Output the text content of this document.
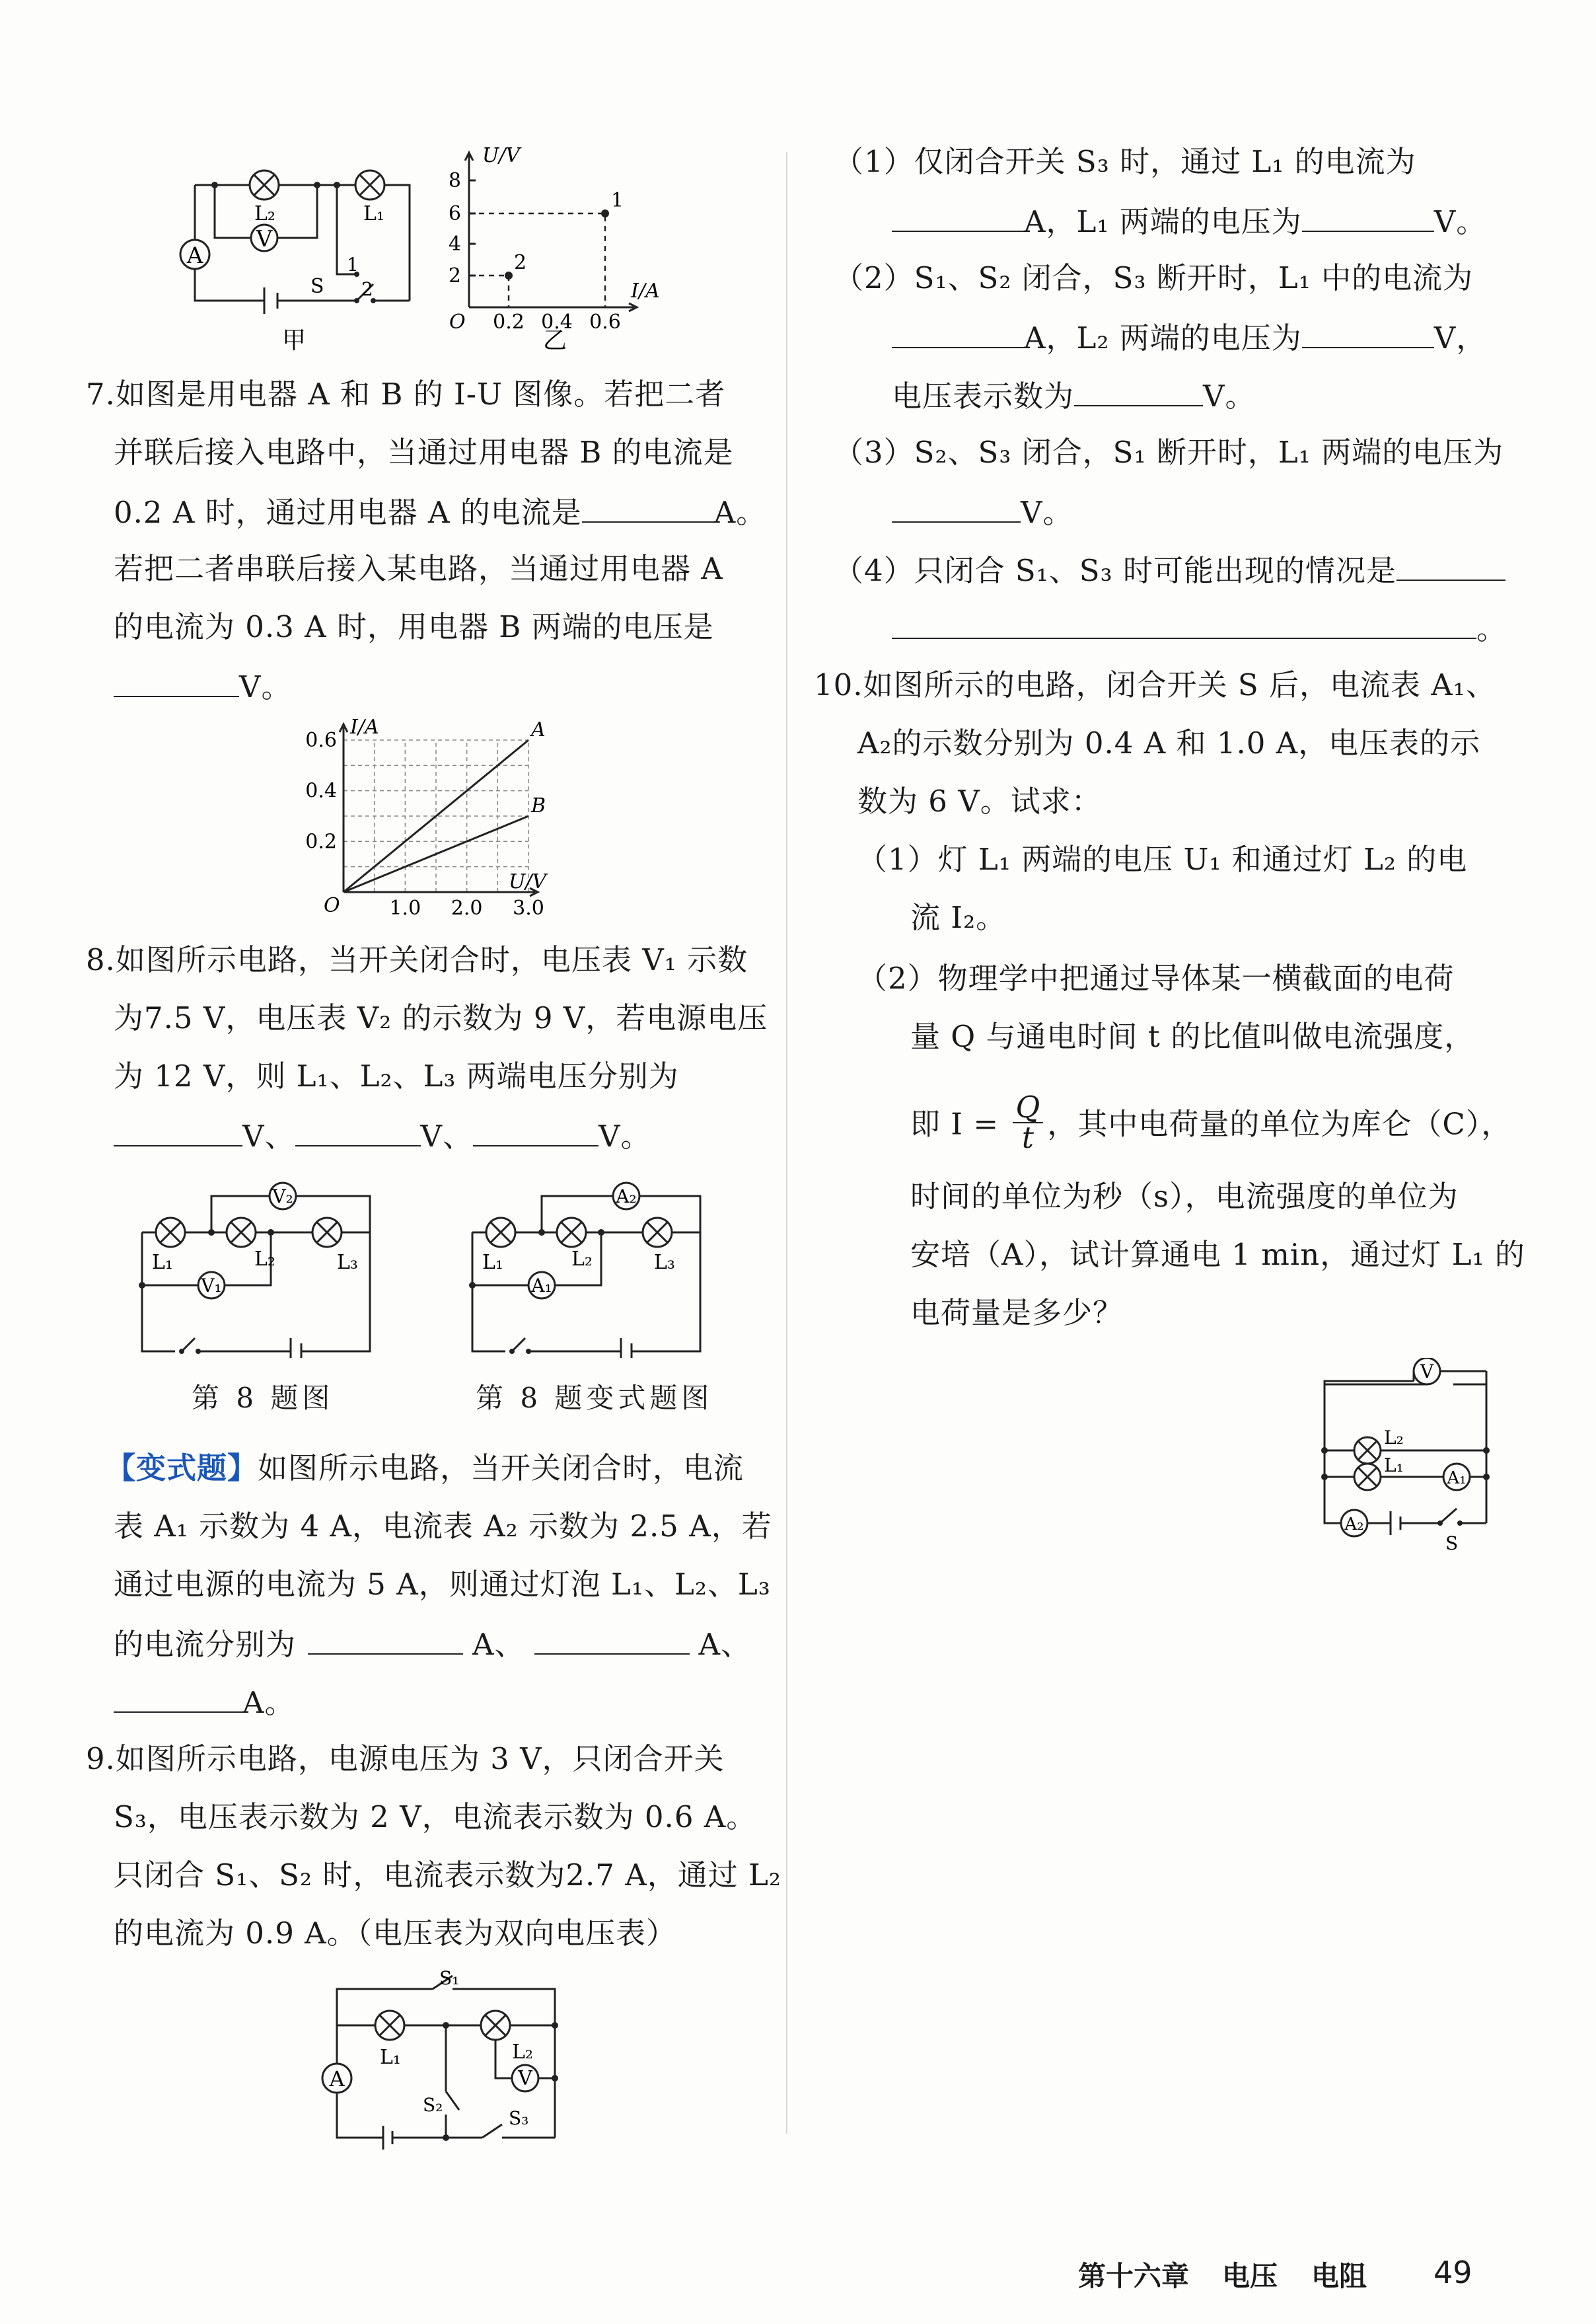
V
A
L₂	L₁
S
1
2
甲
1
2
8
6
4
2
0.2 0.4 0.6
O
U/V
I/A
乙
7.如图是用电器 A 和 B 的 I-U 图像。若把二者
并联后接入电路中，当通过用电器 B 的电流是
0.2 A 时，通过用电器 A 的电流是	A。
若把二者串联后接入某电路，当通过用电器 A
的电流为 0.3 A 时，用电器 B 两端的电压是
V。
A
B
1.0 2.0 3.0
0.2
0.4
0.6
O
I/A
U/V
8.如图所示电路，当开关闭合时，电压表 V₁ 示数
为7.5 V，电压表 V₂ 的示数为 9 V，若电源电压
为 12 V，则 L₁、L₂、L₃ 两端电压分别为
V、	V、	V。
V₂
V₁
L₁	L₂	L₃
第 8 题图
A₂
A₁
L₁	L₂	L₃
第 8 题变式题图
【变式题】如图所示电路，当开关闭合时，电流
表 A₁ 示数为 4 A，电流表 A₂ 示数为 2.5 A，若
通过电源的电流为 5 A，则通过灯泡 L₁、L₂、L₃
的电流分别为	A、	A、
A。
9.如图所示电路，电源电压为 3 V，只闭合开关
S₃，电压表示数为 2 V，电流表示数为 0.6 A。
只闭合 S₁、S₂ 时，电流表示数为2.7 A，通过 L₂
的电流为 0.9 A。（电压表为双向电压表）
A	V
S₁
S₂
S₃
L₁	L₂
（1）仅闭合开关 S₃ 时，通过 L₁ 的电流为
A，L₁ 两端的电压为	V。
（2）S₁、S₂ 闭合，S₃ 断开时，L₁ 中的电流为
A，L₂ 两端的电压为	V，
电压表示数为	V。
（3）S₂、S₃ 闭合，S₁ 断开时，L₁ 两端的电压为
V。
（4）只闭合 S₁、S₃ 时可能出现的情况是
。
10.如图所示的电路，闭合开关 S 后，电流表 A₁、
A₂的示数分别为 0.4 A 和 1.0 A，电压表的示
数为 6 V。试求：
（1）灯 L₁ 两端的电压 U₁ 和通过灯 L₂ 的电
流 I₂。
（2）物理学中把通过导体某一横截面的电荷
量 Q 与通电时间 t 的比值叫做电流强度，
即 $I = \frac{Q}{t}$ ，其中电荷量的单位为库仑（C），
时间的单位为秒（s），电流强度的单位为
安培（A），试计算通电 1 min，通过灯 L₁ 的
电荷量是多少？
V
A₁
A₂
L₂
L₁
S
第十六章 电压 电阻 49
